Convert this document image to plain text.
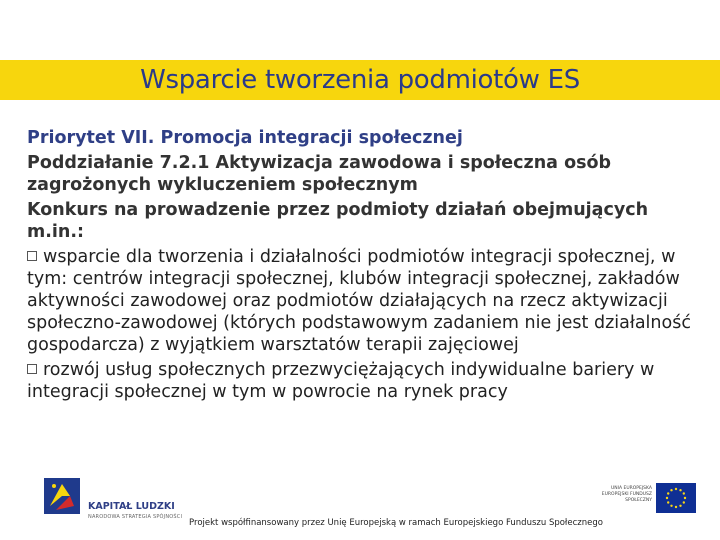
Wsparcie tworzenia podmiotów ES
Priorytet VII. Promocja integracji społecznej
Poddziałanie 7.2.1 Aktywizacja zawodowa i społeczna osób zagrożonych wykluczeniem społecznym
Konkurs na prowadzenie przez podmioty działań obejmujących m.in.:
wsparcie dla tworzenia i działalności podmiotów integracji społecznej, w tym: centrów integracji społecznej, klubów integracji społecznej, zakładów aktywności zawodowej oraz podmiotów działających na rzecz aktywizacji społeczno-zawodowej (których podstawowym zadaniem nie jest działalność gospodarcza) z wyjątkiem warsztatów terapii zajęciowej
rozwój usług społecznych przezwyciężających indywidualne bariery w integracji społecznej w tym w powrocie na rynek pracy
KAPITAŁ LUDZKI
NARODOWA STRATEGIA SPÓJNOŚCI
UNIA EUROPEJSKA EUROPEJSKI FUNDUSZ SPOŁECZNY
Projekt współfinansowany przez Unię Europejską w ramach Europejskiego Funduszu Społecznego
